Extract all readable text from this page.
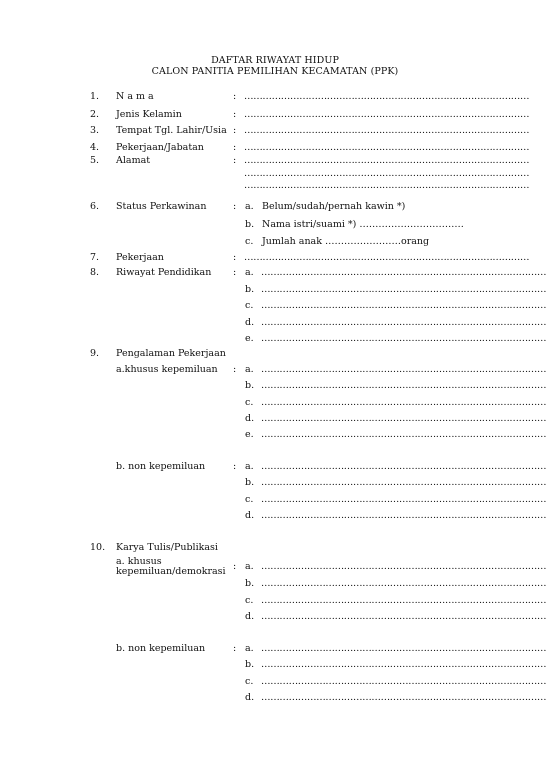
DAFTAR RIWAYAT HIDUP
CALON PANITIA PEMILIHAN KECAMATAN (PPK)
1. N a m a	: …………………………………………………………………………………
2. Jenis Kelamin	: …………………………………………………………………………………
3. Tempat Tgl. Lahir/Usia : …………………………………………………………………………………
4. Pekerjaan/Jabatan	: …………………………………………………………………………………
5. Alamat	: …………………………………………………………………………………
…………………………………………………………………………………
…………………………………………………………………………………
6. Status Perkawinan	: a. Belum/sudah/pernah kawin *)
b. Nama istri/suami *) ……………………………
c. Jumlah anak ……………………orang
7. Pekerjaan	: …………………………………………………………………………………
8. Riwayat Pendidikan : a. …………………………………………………………………………………
b. …………………………………………………………………………………
c. …………………………………………………………………………………
d. …………………………………………………………………………………
e. …………………………………………………………………………………
9. Pengalaman Pekerjaan
a.khusus kepemiluan : a. …………………………………………………………………………………
b. …………………………………………………………………………………
c. …………………………………………………………………………………
d. …………………………………………………………………………………
e. …………………………………………………………………………………
b. non kepemiluan	: a. …………………………………………………………………………………
b. …………………………………………………………………………………
c. …………………………………………………………………………………
d. …………………………………………………………………………………
10. Karya Tulis/Publikasi
a. khusus
kepemiluan/demokrasi : a. …………………………………………………………………………………
b. …………………………………………………………………………………
c. …………………………………………………………………………………
d. …………………………………………………………………………………
b. non kepemiluan	: a. …………………………………………………………………………………
b. …………………………………………………………………………………
c. …………………………………………………………………………………
d. …………………………………………………………………………………
